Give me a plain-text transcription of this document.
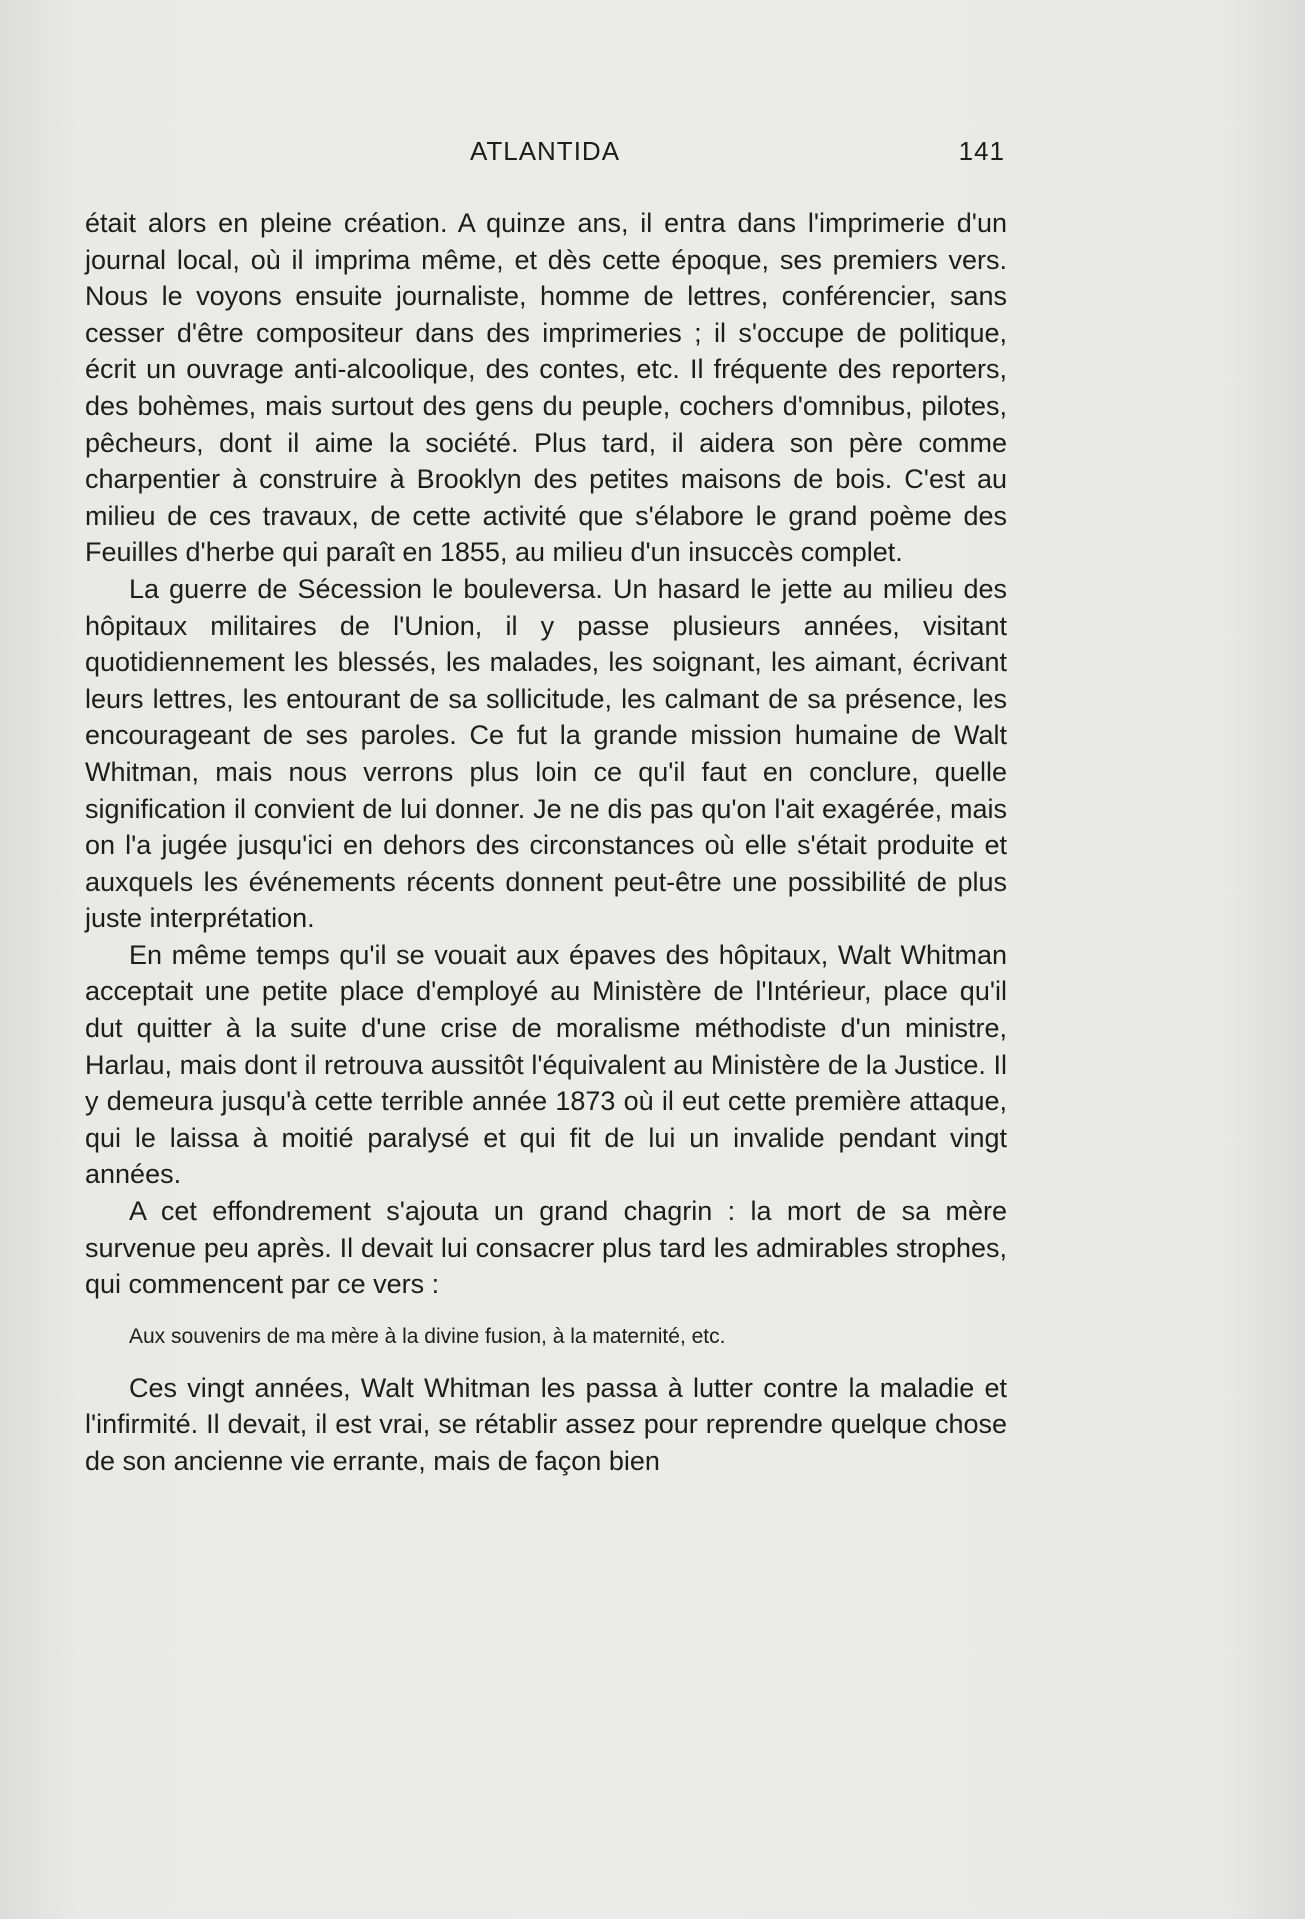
ATLANTIDA	141

était alors en pleine création. A quinze ans, il entra dans l'imprimerie d'un journal local, où il imprima même, et dès cette époque, ses premiers vers. Nous le voyons ensuite journaliste, homme de lettres, conférencier, sans cesser d'être compositeur dans des imprimeries ; il s'occupe de politique, écrit un ouvrage anti-alcoolique, des contes, etc. Il fréquente des reporters, des bohèmes, mais surtout des gens du peuple, cochers d'omnibus, pilotes, pêcheurs, dont il aime la société. Plus tard, il aidera son père comme charpentier à construire à Brooklyn des petites maisons de bois. C'est au milieu de ces travaux, de cette activité que s'élabore le grand poème des Feuilles d'herbe qui paraît en 1855, au milieu d'un insuccès complet.

La guerre de Sécession le bouleversa. Un hasard le jette au milieu des hôpitaux militaires de l'Union, il y passe plusieurs années, visitant quotidiennement les blessés, les malades, les soignant, les aimant, écrivant leurs lettres, les entourant de sa sollicitude, les calmant de sa présence, les encourageant de ses paroles. Ce fut la grande mission humaine de Walt Whitman, mais nous verrons plus loin ce qu'il faut en conclure, quelle signification il convient de lui donner. Je ne dis pas qu'on l'ait exagérée, mais on l'a jugée jusqu'ici en dehors des circonstances où elle s'était produite et auxquels les événements récents donnent peut-être une possibilité de plus juste interprétation.

En même temps qu'il se vouait aux épaves des hôpitaux, Walt Whitman acceptait une petite place d'employé au Ministère de l'Intérieur, place qu'il dut quitter à la suite d'une crise de moralisme méthodiste d'un ministre, Harlau, mais dont il retrouva aussitôt l'équivalent au Ministère de la Justice. Il y demeura jusqu'à cette terrible année 1873 où il eut cette première attaque, qui le laissa à moitié paralysé et qui fit de lui un invalide pendant vingt années.

A cet effondrement s'ajouta un grand chagrin : la mort de sa mère survenue peu après. Il devait lui consacrer plus tard les admirables strophes, qui commencent par ce vers :

Aux souvenirs de ma mère à la divine fusion, à la maternité, etc.

Ces vingt années, Walt Whitman les passa à lutter contre la maladie et l'infirmité. Il devait, il est vrai, se rétablir assez pour reprendre quelque chose de son ancienne vie errante, mais de façon bien
